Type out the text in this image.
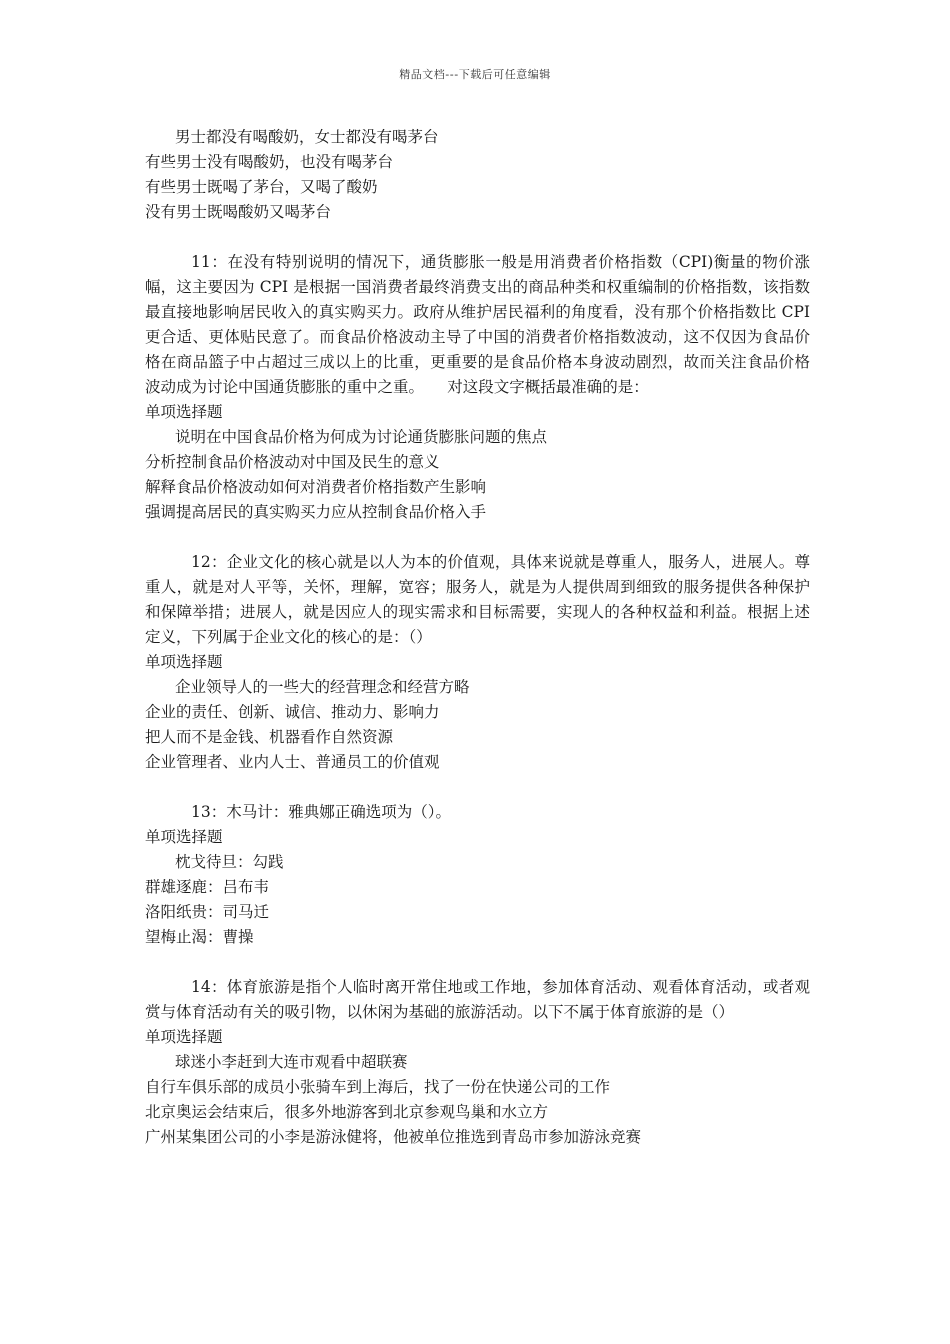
精品文档---下载后可任意编辑
男士都没有喝酸奶，女士都没有喝茅台
有些男士没有喝酸奶，也没有喝茅台
有些男士既喝了茅台，又喝了酸奶
没有男士既喝酸奶又喝茅台
11：在没有特别说明的情况下，通货膨胀一般是用消费者价格指数（CPI)衡量的物价涨幅，这主要因为 CPI 是根据一国消费者最终消费支出的商品种类和权重编制的价格指数，该指数最直接地影响居民收入的真实购买力。政府从维护居民福利的角度看，没有那个价格指数比 CPI 更合适、更体贴民意了。而食品价格波动主导了中国的消费者价格指数波动，这不仅因为食品价格在商品篮子中占超过三成以上的比重，更重要的是食品价格本身波动剧烈，故而关注食品价格波动成为讨论中国通货膨胀的重中之重。　　对这段文字概括最准确的是：
单项选择题
说明在中国食品价格为何成为讨论通货膨胀问题的焦点
分析控制食品价格波动对中国及民生的意义
解释食品价格波动如何对消费者价格指数产生影响
强调提高居民的真实购买力应从控制食品价格入手
12：企业文化的核心就是以人为本的价值观，具体来说就是尊重人，服务人，进展人。尊重人，就是对人平等，关怀，理解，宽容；服务人，就是为人提供周到细致的服务提供各种保护和保障举措；进展人，就是因应人的现实需求和目标需要，实现人的各种权益和利益。根据上述定义，下列属于企业文化的核心的是：（）
单项选择题
企业领导人的一些大的经营理念和经营方略
企业的责任、创新、诚信、推动力、影响力
把人而不是金钱、机器看作自然资源
企业管理者、业内人士、普通员工的价值观
13：木马计：雅典娜正确选项为（）。
单项选择题
枕戈待旦：勾践
群雄逐鹿：吕布韦
洛阳纸贵：司马迁
望梅止渴：曹操
14：体育旅游是指个人临时离开常住地或工作地，参加体育活动、观看体育活动，或者观赏与体育活动有关的吸引物，以休闲为基础的旅游活动。以下不属于体育旅游的是（）
单项选择题
球迷小李赶到大连市观看中超联赛
自行车俱乐部的成员小张骑车到上海后，找了一份在快递公司的工作
北京奥运会结束后，很多外地游客到北京参观鸟巢和水立方
广州某集团公司的小李是游泳健将，他被单位推选到青岛市参加游泳竞赛
